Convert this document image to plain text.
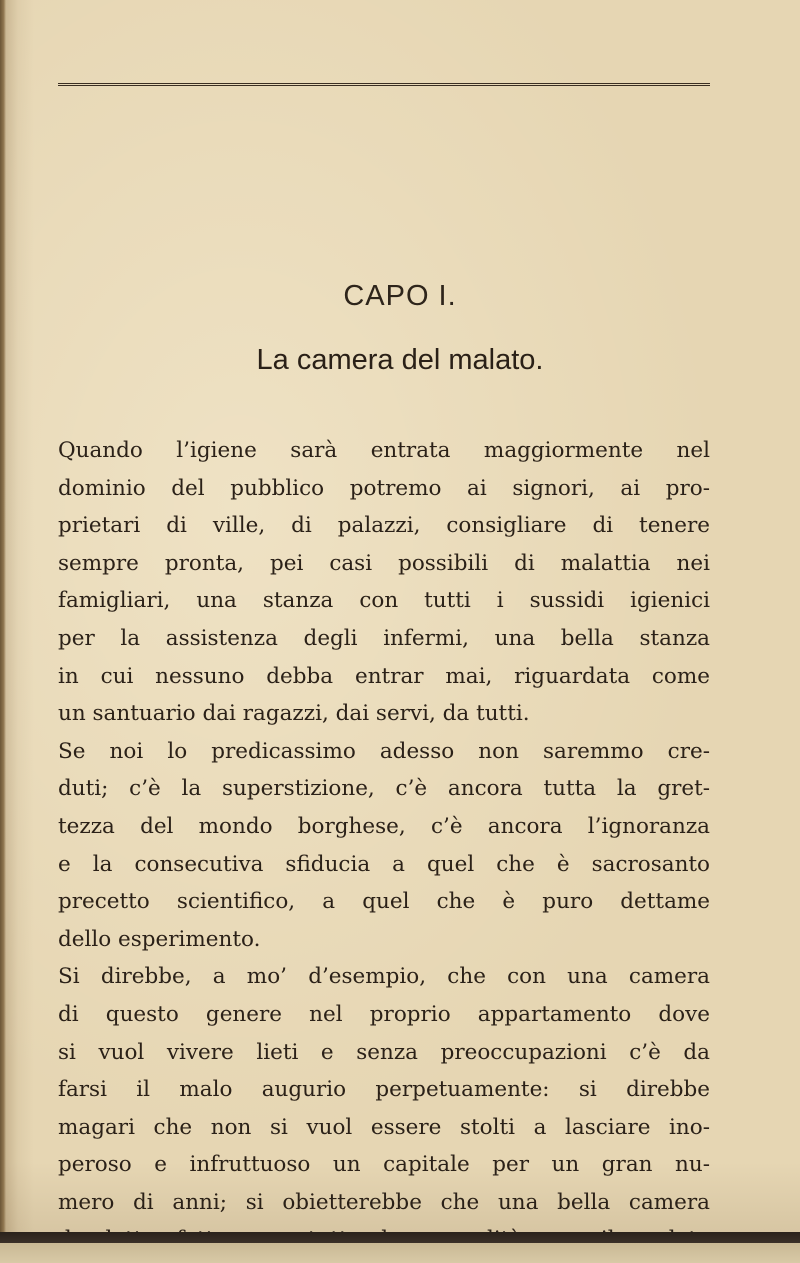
CAPO I.
La camera del malato.
Quando l’igiene sarà entrata maggiormente nel
dominio del pubblico potremo ai signori, ai pro-
prietari di ville, di palazzi, consigliare di tenere
sempre pronta, pei casi possibili di malattia nei
famigliari, una stanza con tutti i sussidi igienici
per la assistenza degli infermi, una bella stanza
in cui nessuno debba entrar mai, riguardata come
un santuario dai ragazzi, dai servi, da tutti.
Se noi lo predicassimo adesso non saremmo cre-
duti; c’è la superstizione, c’è ancora tutta la gret-
tezza del mondo borghese, c’è ancora l’ignoranza
e la consecutiva sfiducia a quel che è sacrosanto
precetto scientifico, a quel che è puro dettame
dello esperimento.
Si direbbe, a mo’ d’esempio, che con una camera
di questo genere nel proprio appartamento dove
si vuol vivere lieti e senza preoccupazioni c’è da
farsi il malo augurio perpetuamente: si direbbe
magari che non si vuol essere stolti a lasciare ino-
peroso e infruttuoso un capitale per un gran nu-
mero di anni; si obietterebbe che una bella camera
